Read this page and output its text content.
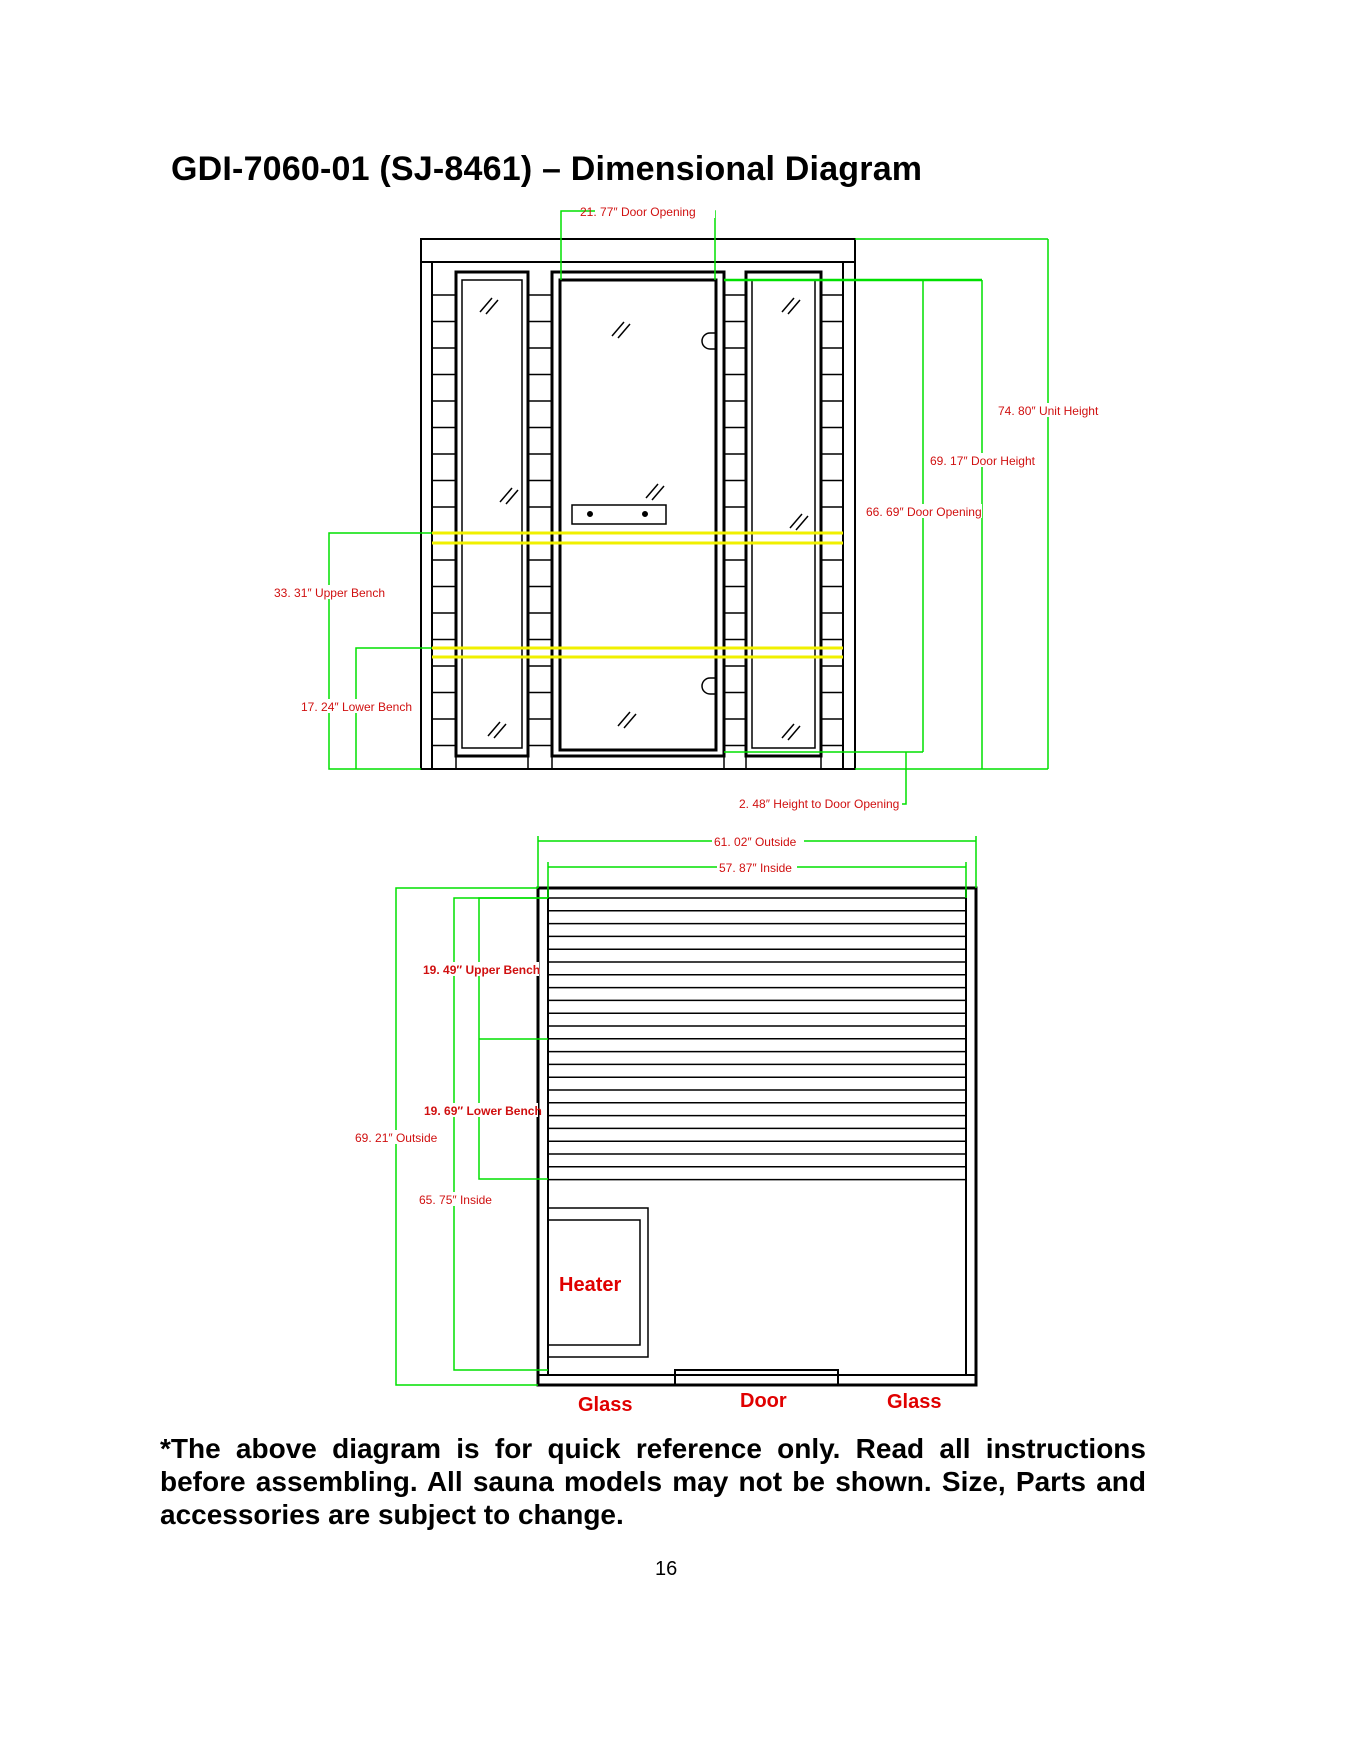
GDI-7060-01 (SJ-8461) – Dimensional Diagram
21. 77″ Door Opening
74. 80″ Unit Height
69. 17″ Door Height
66. 69″ Door Opening
2. 48″ Height to Door Opening
33. 31″ Upper Bench
17. 24″ Lower Bench
61. 02″ Outside
57. 87″ Inside
69. 21″ Outside
65. 75″ Inside
19. 49″ Upper Bench
19. 69″ Lower Bench
Heater
Glass	Door	Glass
*The above diagram is for quick reference only. Read all instructions before assembling. All sauna models may not be shown. Size, Parts and accessories are subject to change.
16
